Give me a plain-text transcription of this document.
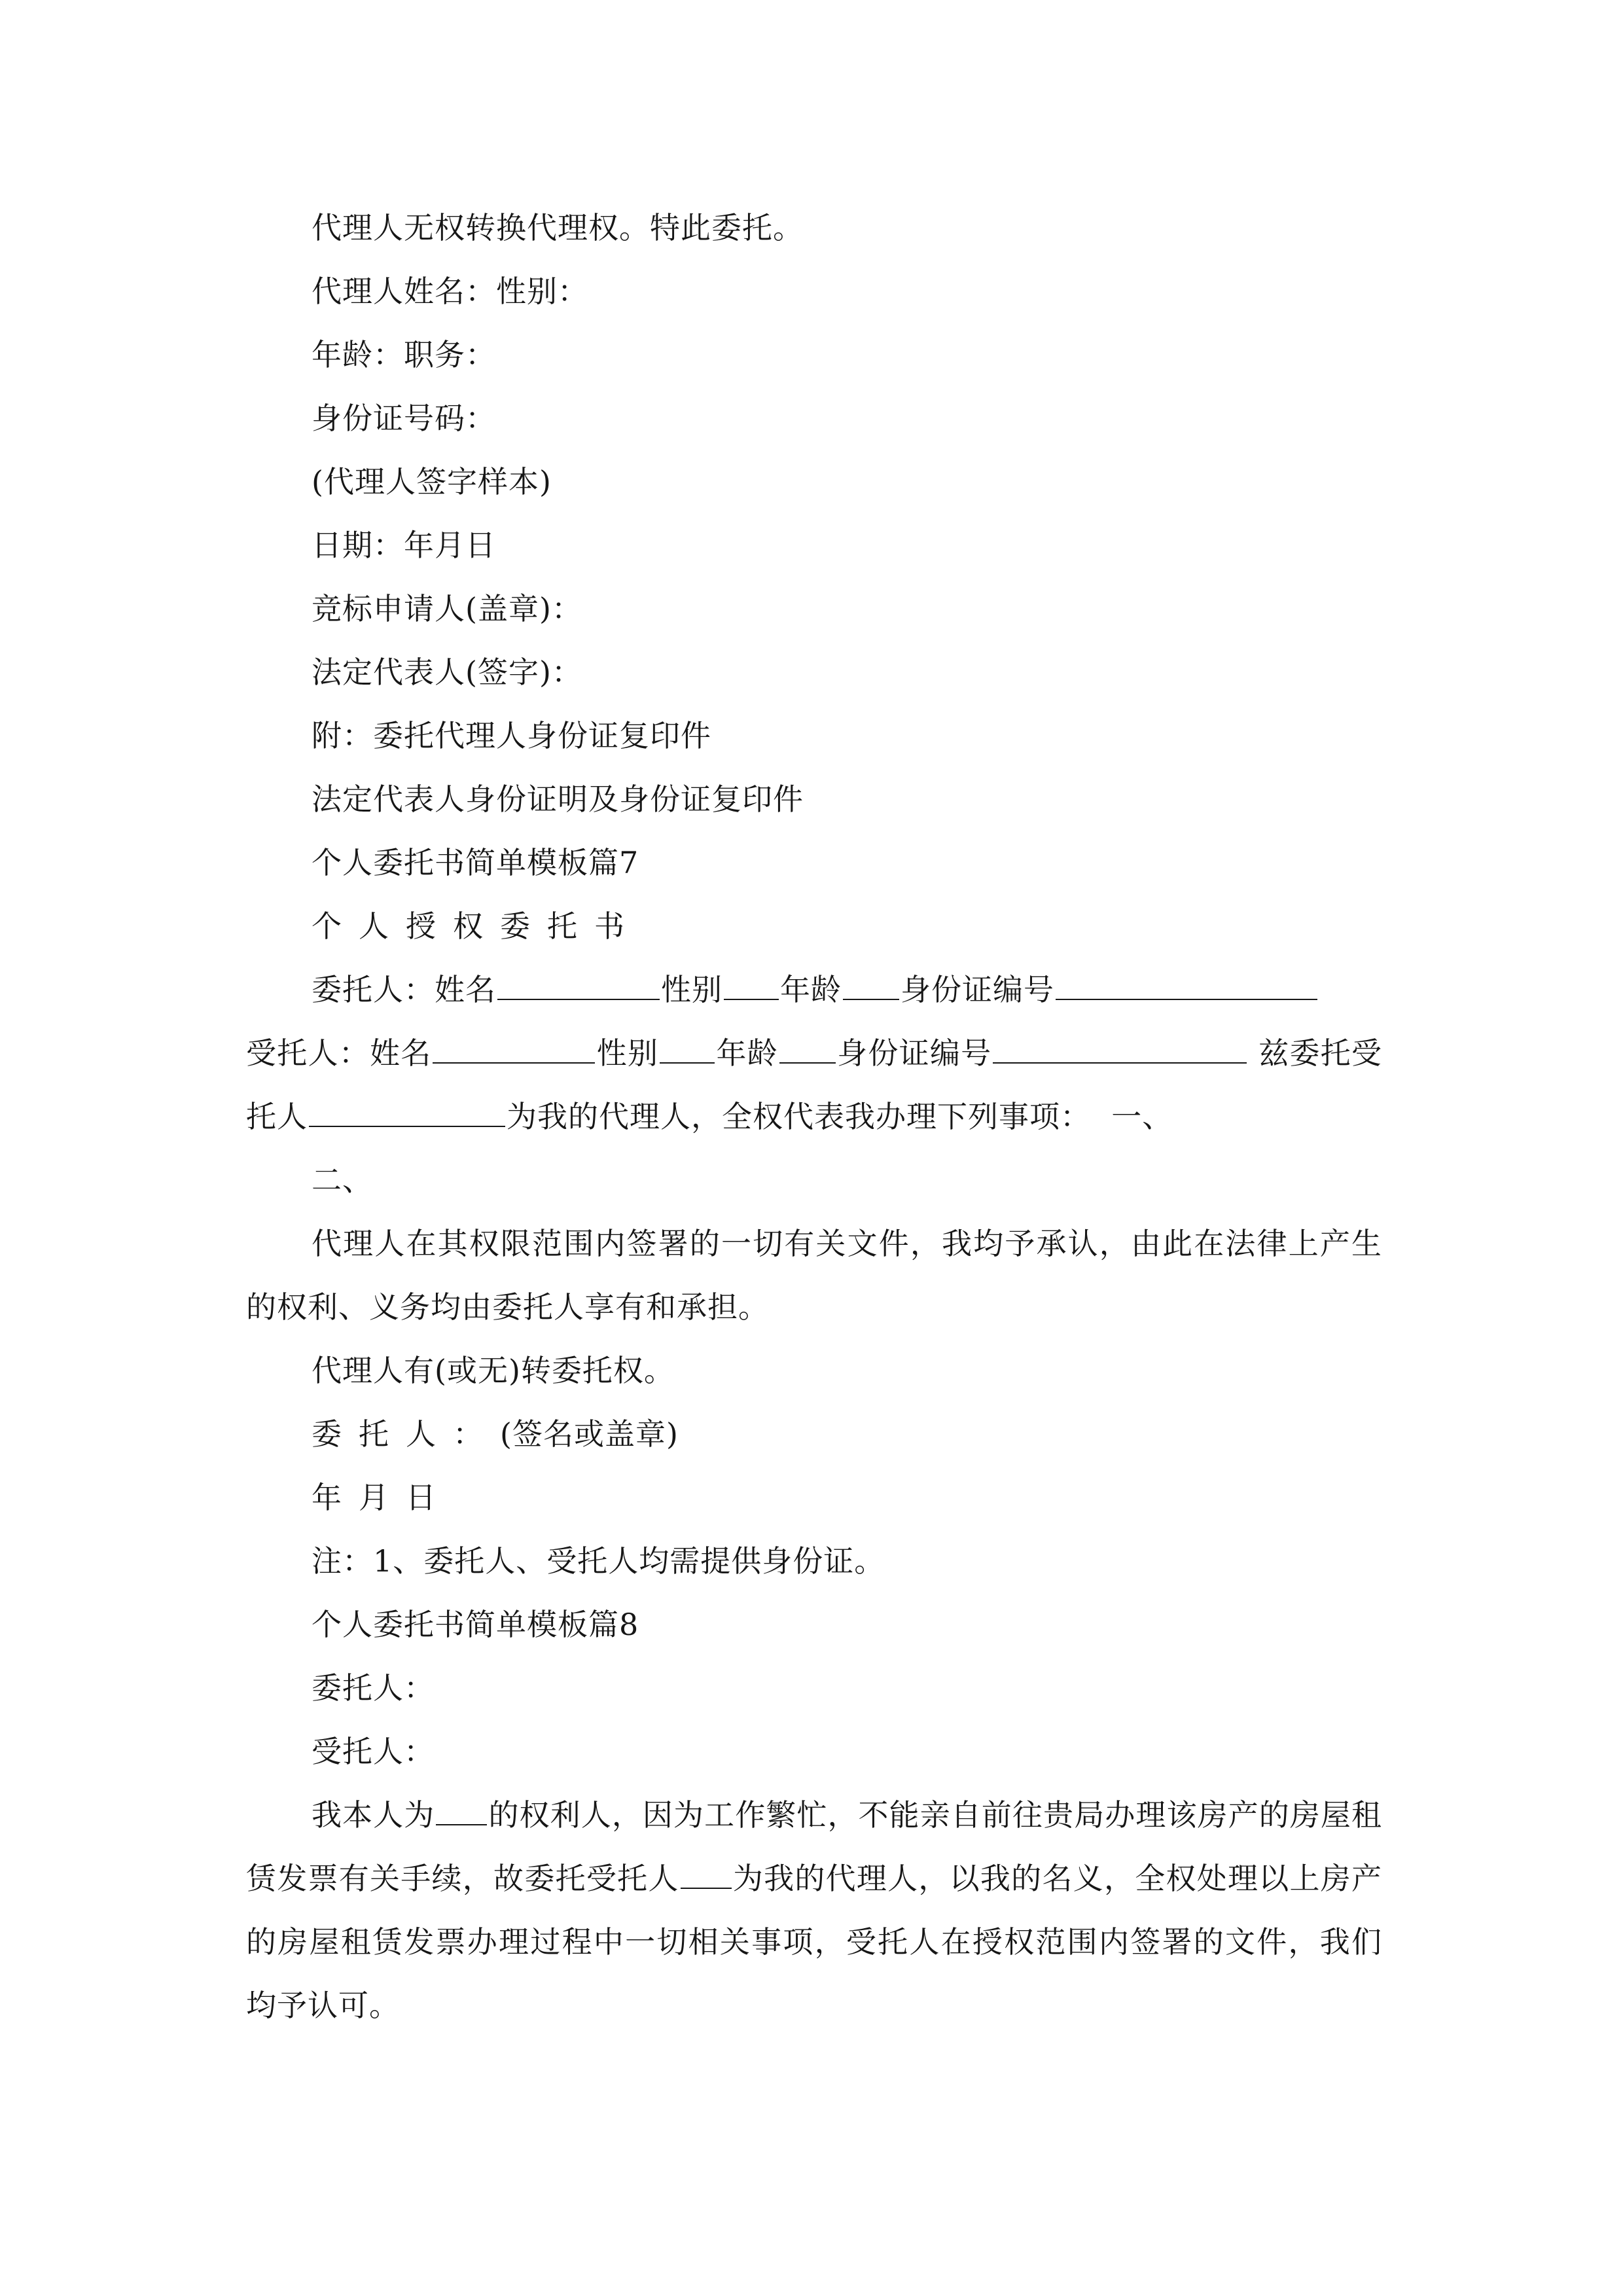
代理人无权转换代理权。特此委托。

代理人姓名：性别：

年龄：职务：

身份证号码：

(代理人签字样本)

日期：年月日

竞标申请人(盖章)：

法定代表人(签字)：

附：委托代理人身份证复印件

法定代表人身份证明及身份证复印件

个人委托书简单模板篇7

个人授权委托书

委托人：姓名	性别 年龄 身份证编号

受托人：姓名	性别 年龄 身份证编号	兹委托受托人	为我的代理人，全权代表我办理下列事项： 一、

二、

代理人在其权限范围内签署的一切有关文件，我均予承认，由此在法律上产生的权利、义务均由委托人享有和承担。

代理人有(或无)转委托权。

委托人：(签名或盖章)

年月日

注：1、委托人、受托人均需提供身份证。

个人委托书简单模板篇8

委托人：

受托人：

我本人为 的权利人，因为工作繁忙，不能亲自前往贵局办理该房产的房屋租赁发票有关手续，故委托受托人 为我的代理人，以我的名义，全权处理以上房产的房屋租赁发票办理过程中一切相关事项，受托人在授权范围内签署的文件，我们均予认可。
